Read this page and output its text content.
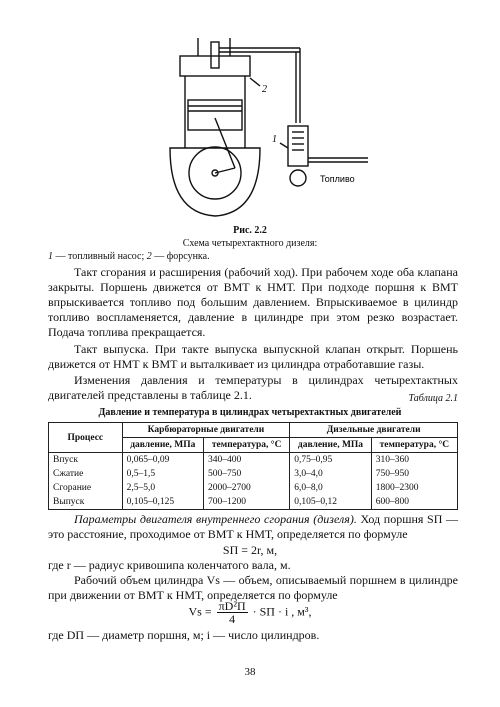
2
1
Топливо
Рис. 2.2
Схема четырехтактного дизеля:
1 — топливный насос; 2 — форсунка.

Такт сгорания и расширения (рабочий ход). При рабочем ходе оба клапана закрыты. Поршень движется от ВМТ к НМТ. При подходе поршня к ВМТ впрыскивается топливо под большим давлением. Впрыскиваемое в цилиндр топливо воспламеняется, давление в цилиндре при этом резко возрастает. Подача топлива прекращается.

Такт выпуска. При такте выпуска выпускной клапан открыт. Поршень движется от НМТ к ВМТ и выталкивает из цилиндра отработавшие газы.

Изменения давления и температуры в цилиндрах четырехтактных двигателей представлены в таблице 2.1.	Таблица 2.1
Давление и температура в цилиндрах четырехтактных двигателей
Процесс	Карбюраторные двигатели		Дизельные двигатели	
	давление, МПа	температура, °С	давление, МПа	температура, °С
Впуск	0,065–0,09	340–400	0,75–0,95	310–360
Сжатие	0,5–1,5	500–750	3,0–4,0	750–950
Сгорание	2,5–5,0	2000–2700	6,0–8,0	1800–2300
Выпуск	0,105–0,125	700–1200	0,105–0,12	600–800

Параметры двигателя внутреннего сгорания (дизеля). Ход поршня SП — это расстояние, проходимое от ВМТ к НМТ, определяется по формуле

SП = 2r, м,

где r — радиус кривошипа коленчатого вала, м.

Рабочий объем цилиндра Vs — объем, описываемый поршнем в цилиндре при движении от ВМТ к НМТ, определяется по формуле

$Vs = \frac{\text{πD²П}}{4}$ · SП · i , м³,

где DП — диаметр поршня, м; i — число цилиндров.

38
